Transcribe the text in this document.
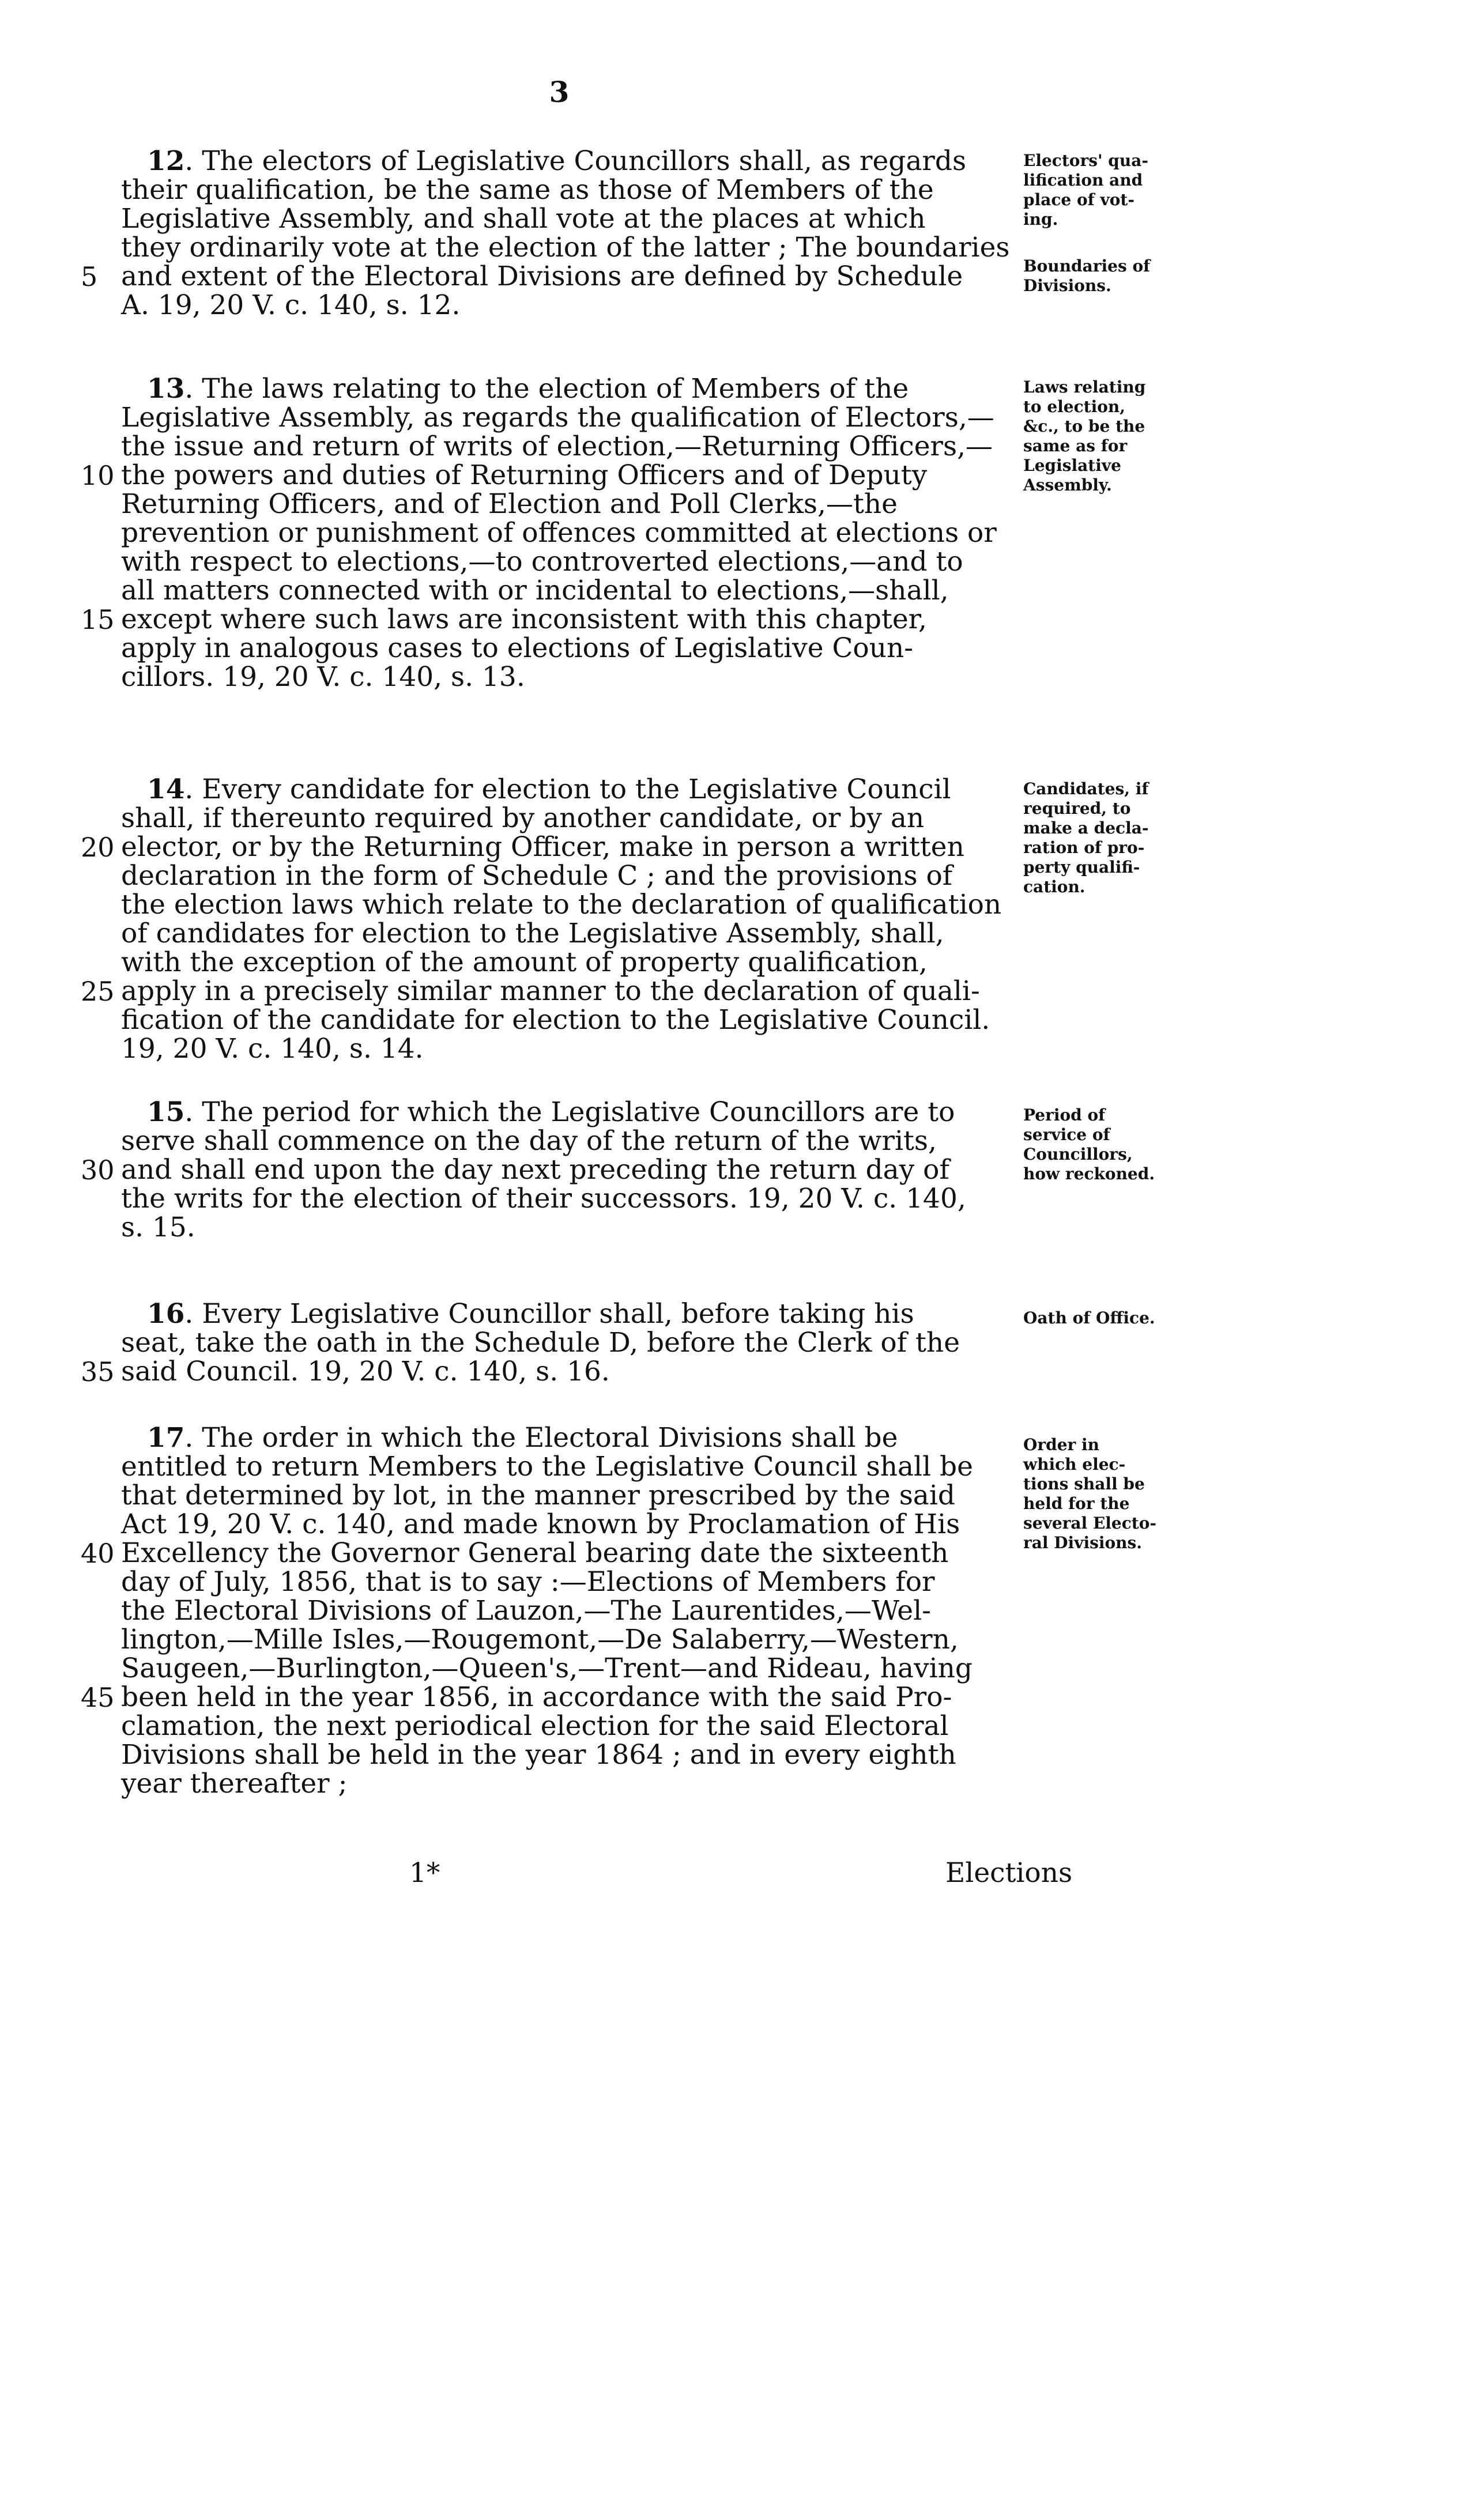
3
12. The electors of Legislative Councillors shall, as regards
their qualification, be the same as those of Members of the
Legislative Assembly, and shall vote at the places at which
they ordinarily vote at the election of the latter ; The boundaries
5 and extent of the Electoral Divisions are defined by Schedule
A. 19, 20 V. c. 140, s. 12.
Electors' qua-
lification and
place of vot-
ing.
Boundaries of
Divisions.
13. The laws relating to the election of Members of the
Legislative Assembly, as regards the qualification of Electors,—
the issue and return of writs of election,—Returning Officers,—
10 the powers and duties of Returning Officers and of Deputy
Returning Officers, and of Election and Poll Clerks,—the
prevention or punishment of offences committed at elections or
with respect to elections,—to controverted elections,—and to
all matters connected with or incidental to elections,—shall,
15 except where such laws are inconsistent with this chapter,
apply in analogous cases to elections of Legislative Coun-
cillors. 19, 20 V. c. 140, s. 13.
Laws relating
to election,
&c., to be the
same as for
Legislative
Assembly.
14. Every candidate for election to the Legislative Council
shall, if thereunto required by another candidate, or by an
20 elector, or by the Returning Officer, make in person a written
declaration in the form of Schedule C ; and the provisions of
the election laws which relate to the declaration of qualification
of candidates for election to the Legislative Assembly, shall,
with the exception of the amount of property qualification,
25 apply in a precisely similar manner to the declaration of quali-
fication of the candidate for election to the Legislative Council.
19, 20 V. c. 140, s. 14.
Candidates, if
required, to
make a decla-
ration of pro-
perty qualifi-
cation.
15. The period for which the Legislative Councillors are to
serve shall commence on the day of the return of the writs,
30 and shall end upon the day next preceding the return day of
the writs for the election of their successors. 19, 20 V. c. 140,
s. 15.
Period of
service of
Councillors,
how reckoned.
16. Every Legislative Councillor shall, before taking his
seat, take the oath in the Schedule D, before the Clerk of the
35 said Council. 19, 20 V. c. 140, s. 16.
Oath of Office.
17. The order in which the Electoral Divisions shall be
entitled to return Members to the Legislative Council shall be
that determined by lot, in the manner prescribed by the said
Act 19, 20 V. c. 140, and made known by Proclamation of His
40 Excellency the Governor General bearing date the sixteenth
day of July, 1856, that is to say :—Elections of Members for
the Electoral Divisions of Lauzon,—The Laurentides,—Wel-
lington,—Mille Isles,—Rougemont,—De Salaberry,—Western,
Saugeen,—Burlington,—Queen's,—Trent—and Rideau, having
45 been held in the year 1856, in accordance with the said Pro-
clamation, the next periodical election for the said Electoral
Divisions shall be held in the year 1864 ; and in every eighth
year thereafter ;
Order in
which elec-
tions shall be
held for the
several Electo-
ral Divisions.
1*	Elections
